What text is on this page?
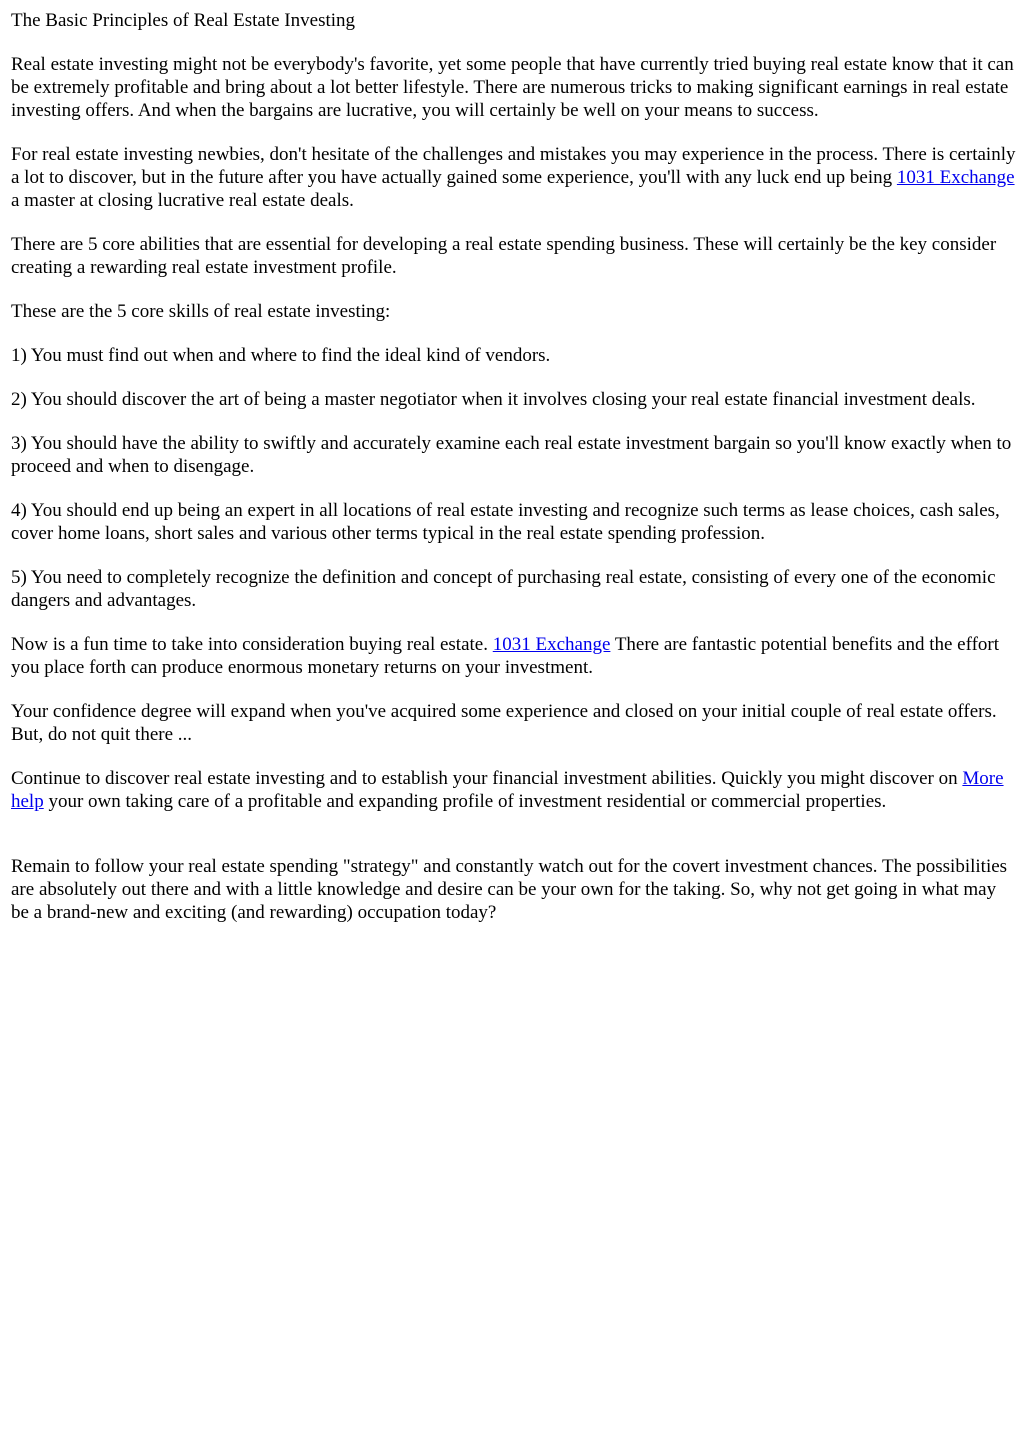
The Basic Principles of Real Estate Investing

Real estate investing might not be everybody's favorite, yet some people that have currently tried buying real estate know that it can be extremely profitable and bring about a lot better lifestyle. There are numerous tricks to making significant earnings in real estate investing offers. And when the bargains are lucrative, you will certainly be well on your means to success.

For real estate investing newbies, don't hesitate of the challenges and mistakes you may experience in the process. There is certainly a lot to discover, but in the future after you have actually gained some experience, you'll with any luck end up being 1031 Exchange a master at closing lucrative real estate deals.

There are 5 core abilities that are essential for developing a real estate spending business. These will certainly be the key consider creating a rewarding real estate investment profile.

These are the 5 core skills of real estate investing:

1) You must find out when and where to find the ideal kind of vendors.

2) You should discover the art of being a master negotiator when it involves closing your real estate financial investment deals.

3) You should have the ability to swiftly and accurately examine each real estate investment bargain so you'll know exactly when to proceed and when to disengage.

4) You should end up being an expert in all locations of real estate investing and recognize such terms as lease choices, cash sales, cover home loans, short sales and various other terms typical in the real estate spending profession.

5) You need to completely recognize the definition and concept of purchasing real estate, consisting of every one of the economic dangers and advantages.

Now is a fun time to take into consideration buying real estate. 1031 Exchange There are fantastic potential benefits and the effort you place forth can produce enormous monetary returns on your investment.

Your confidence degree will expand when you've acquired some experience and closed on your initial couple of real estate offers. But, do not quit there ...

Continue to discover real estate investing and to establish your financial investment abilities. Quickly you might discover on More help your own taking care of a profitable and expanding profile of investment residential or commercial properties.

Remain to follow your real estate spending "strategy" and constantly watch out for the covert investment chances. The possibilities are absolutely out there and with a little knowledge and desire can be your own for the taking. So, why not get going in what may be a brand-new and exciting (and rewarding) occupation today?
